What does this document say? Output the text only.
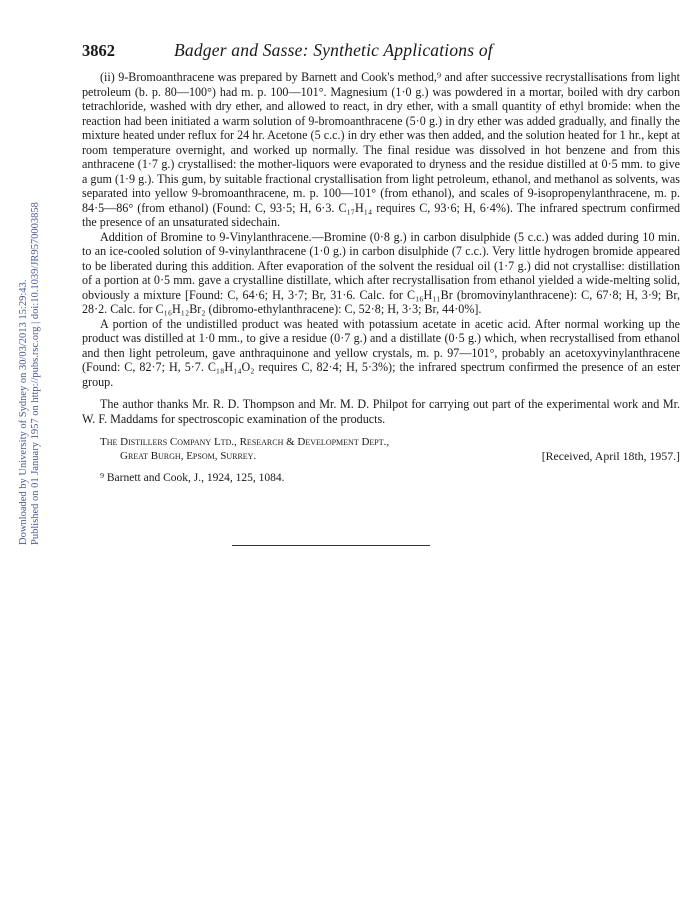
Downloaded by University of Sydney on 30/03/2013 15:29:43. Published on 01 January 1957 on http://pubs.rsc.org | doi:10.1039/JR9570003858
3862	Badger and Sasse: Synthetic Applications of

(ii) 9-Bromoanthracene was prepared by Barnett and Cook's method,⁹ and after successive recrystallisations from light petroleum (b. p. 80—100°) had m. p. 100—101°. Magnesium (1·0 g.) was powdered in a mortar, boiled with dry carbon tetrachloride, washed with dry ether, and allowed to react, in dry ether, with a small quantity of ethyl bromide: when the reaction had been initiated a warm solution of 9-bromoanthracene (5·0 g.) in dry ether was added gradually, and finally the mixture heated under reflux for 24 hr. Acetone (5 c.c.) in dry ether was then added, and the solution heated for 1 hr., kept at room temperature overnight, and worked up normally. The final residue was dissolved in hot benzene and from this anthracene (1·7 g.) crystallised: the mother-liquors were evaporated to dryness and the residue distilled at 0·5 mm. to give a gum (1·9 g.). This gum, by suitable fractional crystallisation from light petroleum, ethanol, and methanol as solvents, was separated into yellow 9-bromoanthracene, m. p. 100—101° (from ethanol), and scales of 9-isopropenylanthracene, m. p. 84·5—86° (from ethanol) (Found: C, 93·5; H, 6·3. C₁₇H₁₄ requires C, 93·6; H, 6·4%). The infrared spectrum confirmed the presence of an unsaturated sidechain.

Addition of Bromine to 9-Vinylanthracene.—Bromine (0·8 g.) in carbon disulphide (5 c.c.) was added during 10 min. to an ice-cooled solution of 9-vinylanthracene (1·0 g.) in carbon disulphide (7 c.c.). Very little hydrogen bromide appeared to be liberated during this addition. After evaporation of the solvent the residual oil (1·7 g.) did not crystallise: distillation of a portion at 0·5 mm. gave a crystalline distillate, which after recrystallisation from ethanol yielded a wide-melting solid, obviously a mixture [Found: C, 64·6; H, 3·7; Br, 31·6. Calc. for C₁₆H₁₁Br (bromovinylanthracene): C, 67·8; H, 3·9; Br, 28·2. Calc. for C₁₆H₁₂Br₂ (dibromo-ethylanthracene): C, 52·8; H, 3·3; Br, 44·0%].

A portion of the undistilled product was heated with potassium acetate in acetic acid. After normal working up the product was distilled at 1·0 mm., to give a residue (0·7 g.) and a distillate (0·5 g.) which, when recrystallised from ethanol and then light petroleum, gave anthraquinone and yellow crystals, m. p. 97—101°, probably an acetoxyvinylanthracene (Found: C, 82·7; H, 5·7. C₁₈H₁₄O₂ requires C, 82·4; H, 5·3%); the infrared spectrum confirmed the presence of an ester group.

The author thanks Mr. R. D. Thompson and Mr. M. D. Philpot for carrying out part of the experimental work and Mr. W. F. Maddams for spectroscopic examination of the products.

The Distillers Company Ltd., Research & Development Dept.,
Great Burgh, Epsom, Surrey.	[Received, April 18th, 1957.]
⁹ Barnett and Cook, J., 1924, 125, 1084.
